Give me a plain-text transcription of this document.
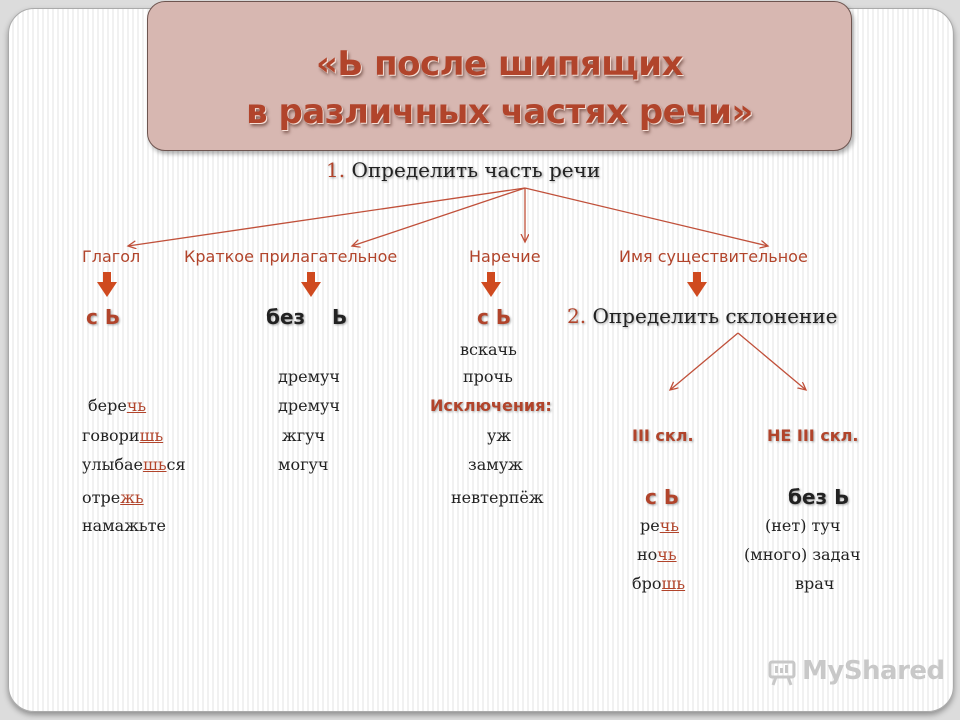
«Ь после шипящих
в различных частях речи»
1. Определить часть речи
Глагол	Краткое прилагательное	Наречие	Имя существительное
с Ь	без Ь	с Ь	2. Определить склонение
вскачь
прочь
Исключения:
уж
замуж
невтерпёж
дремуч
дремуч
жгуч
могуч
беречь
говоришь
улыбаешься
отрежь
намажьте
III скл.	НЕ III скл.
с Ь	без Ь
речь
ночь
брошь
(нет) туч
(много) задач
врач
MyShared
